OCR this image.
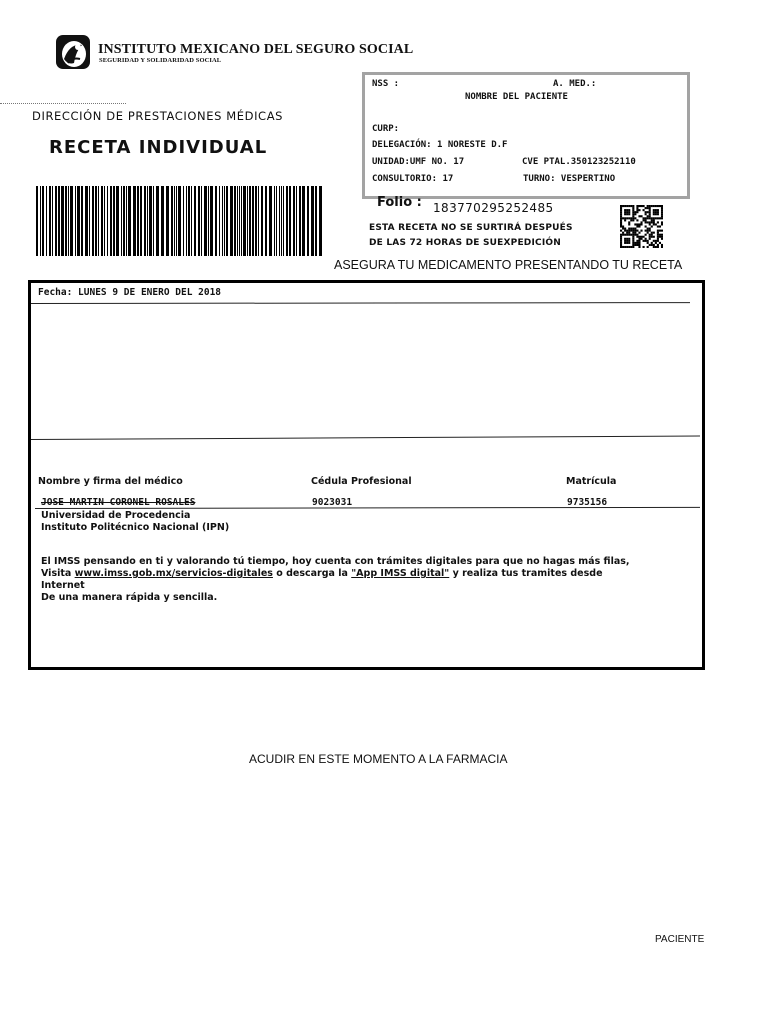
INSTITUTO MEXICANO DEL SEGURO SOCIAL
SEGURIDAD Y SOLIDARIDAD SOCIAL
DIRECCIÓN DE PRESTACIONES MÉDICAS
RECETA INDIVIDUAL
NSS :	A. MED.:
NOMBRE DEL PACIENTE
CURP:
DELEGACIÓN: 1 NORESTE D.F
UNIDAD:UMF NO. 17	CVE PTAL.350123252110
CONSULTORIO: 17	TURNO: VESPERTINO
Folio : 183770295252485
ESTA RECETA NO SE SURTIRÁ DESPUÉS
DE LAS 72 HORAS DE SUEXPEDICIÓN
ASEGURA TU MEDICAMENTO PRESENTANDO TU RECETA
Fecha: LUNES 9 DE ENERO DEL 2018
Nombre y firma del médico	Cédula Profesional	Matrícula
JOSE MARTIN CORONEL ROSALES	9023031	9735156
Universidad de Procedencia
Instituto Politécnico Nacional (IPN)
El IMSS pensando en ti y valorando tú tiempo, hoy cuenta con trámites digitales para que no hagas más filas,
Visita www.imss.gob.mx/servicios-digitales o descarga la "App IMSS digital" y realiza tus tramites desde
Internet
De una manera rápida y sencilla.
ACUDIR EN ESTE MOMENTO A LA FARMACIA
PACIENTE
